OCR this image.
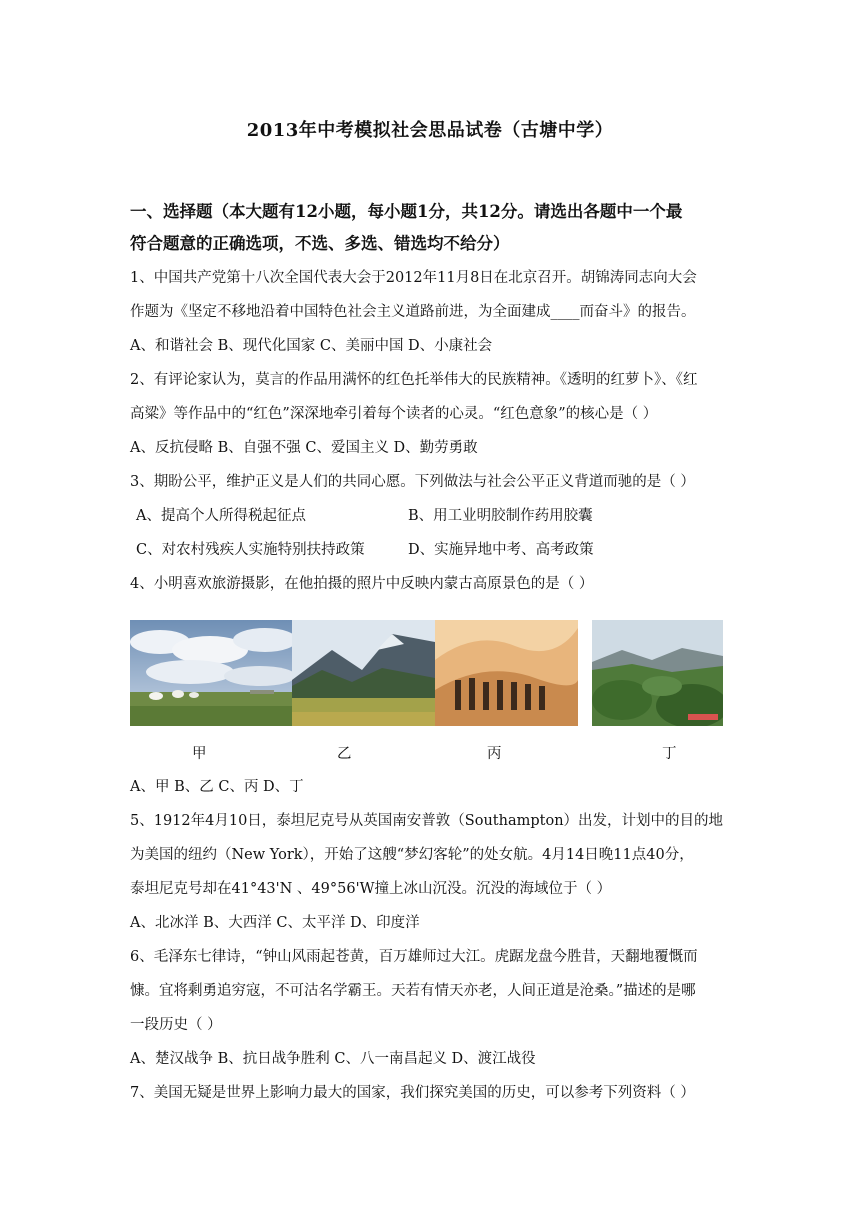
2013年中考模拟社会思品试卷（古塘中学）
一、选择题（本大题有12小题，每小题1分，共12分。请选出各题中一个最
符合题意的正确选项，不选、多选、错选均不给分）
1、中国共产党第十八次全国代表大会于2012年11月8日在北京召开。胡锦涛同志向大会
作题为《坚定不移地沿着中国特色社会主义道路前进，为全面建成____而奋斗》的报告。
A、和谐社会 B、现代化国家 C、美丽中国 D、小康社会
2、有评论家认为，莫言的作品用满怀的红色托举伟大的民族精神。《透明的红萝卜》、《红
高粱》等作品中的“红色”深深地牵引着每个读者的心灵。“红色意象”的核心是（ ）
A、反抗侵略 B、自强不强 C、爱国主义 D、勤劳勇敢
3、期盼公平，维护正义是人们的共同心愿。下列做法与社会公平正义背道而驰的是（ ）
A、提高个人所得税起征点	B、用工业明胶制作药用胶囊
C、对农村残疾人实施特别扶持政策	D、实施异地中考、高考政策
4、小明喜欢旅游摄影，在他拍摄的照片中反映内蒙古高原景色的是（ ）
甲	乙	丙	丁
A、甲 B、乙 C、丙 D、丁
5、1912年4月10日，泰坦尼克号从英国南安普敦（Southampton）出发，计划中的目的地
为美国的纽约（New York），开始了这艘“梦幻客轮”的处女航。4月14日晚11点40分，
泰坦尼克号却在41°43'N 、49°56'W撞上冰山沉没。沉没的海域位于（ ）
A、北冰洋 B、大西洋 C、太平洋 D、印度洋
6、毛泽东七律诗，“钟山风雨起苍黄，百万雄师过大江。虎踞龙盘今胜昔，天翻地覆慨而
慷。宜将剩勇追穷寇，不可沽名学霸王。天若有情天亦老，人间正道是沧桑。”描述的是哪
一段历史（ ）
A、楚汉战争 B、抗日战争胜利 C、八一南昌起义 D、渡江战役
7、美国无疑是世界上影响力最大的国家，我们探究美国的历史，可以参考下列资料（ ）
